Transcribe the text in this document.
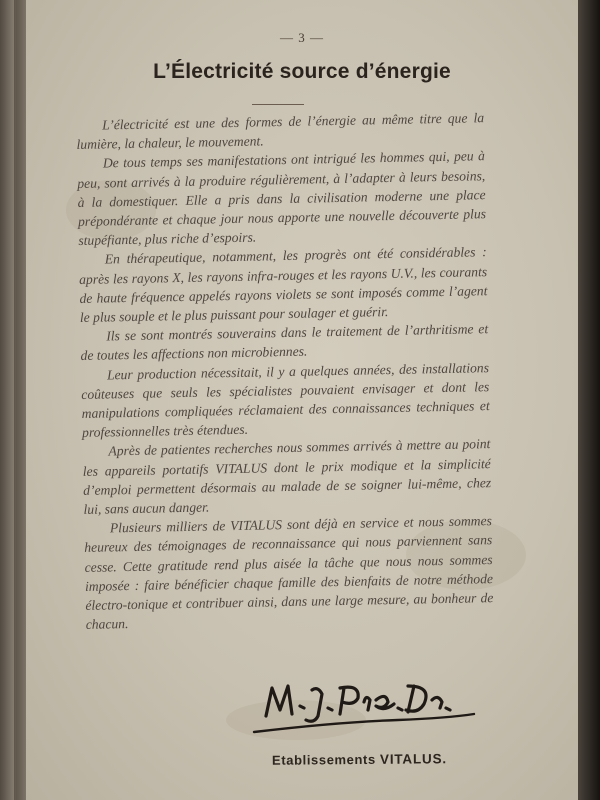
— 3 —
L’Électricité source d’énergie

L’électricité est une des formes de l’énergie au même titre que la lumière, la chaleur, le mouvement.

De tous temps ses manifestations ont intrigué les hommes qui, peu à peu, sont arrivés à la produire régulièrement, à l’adapter à leurs besoins, à la domestiquer. Elle a pris dans la civilisation moderne une place prépondérante et chaque jour nous apporte une nouvelle découverte plus stupéfiante, plus riche d’espoirs.

En thérapeutique, notamment, les progrès ont été considérables : après les rayons X, les rayons infra-rouges et les rayons U.V., les courants de haute fréquence appelés rayons violets se sont imposés comme l’agent le plus souple et le plus puissant pour soulager et guérir.

Ils se sont montrés souverains dans le traitement de l’arthritisme et de toutes les affections non microbiennes.

Leur production nécessitait, il y a quelques années, des installations coûteuses que seuls les spécialistes pouvaient envisager et dont les manipulations compliquées réclamaient des connaissances techniques et professionnelles très étendues.

Après de patientes recherches nous sommes arrivés à mettre au point les appareils portatifs VITALUS dont le prix modique et la simplicité d’emploi permettent désormais au malade de se soigner lui-même, chez lui, sans aucun danger.

Plusieurs milliers de VITALUS sont déjà en service et nous sommes heureux des témoignages de reconnaissance qui nous parviennent sans cesse. Cette gratitude rend plus aisée la tâche que nous nous sommes imposée : faire bénéficier chaque famille des bienfaits de notre méthode électro-tonique et contribuer ainsi, dans une large mesure, au bonheur de chacun.

Etablissements VITALUS.
